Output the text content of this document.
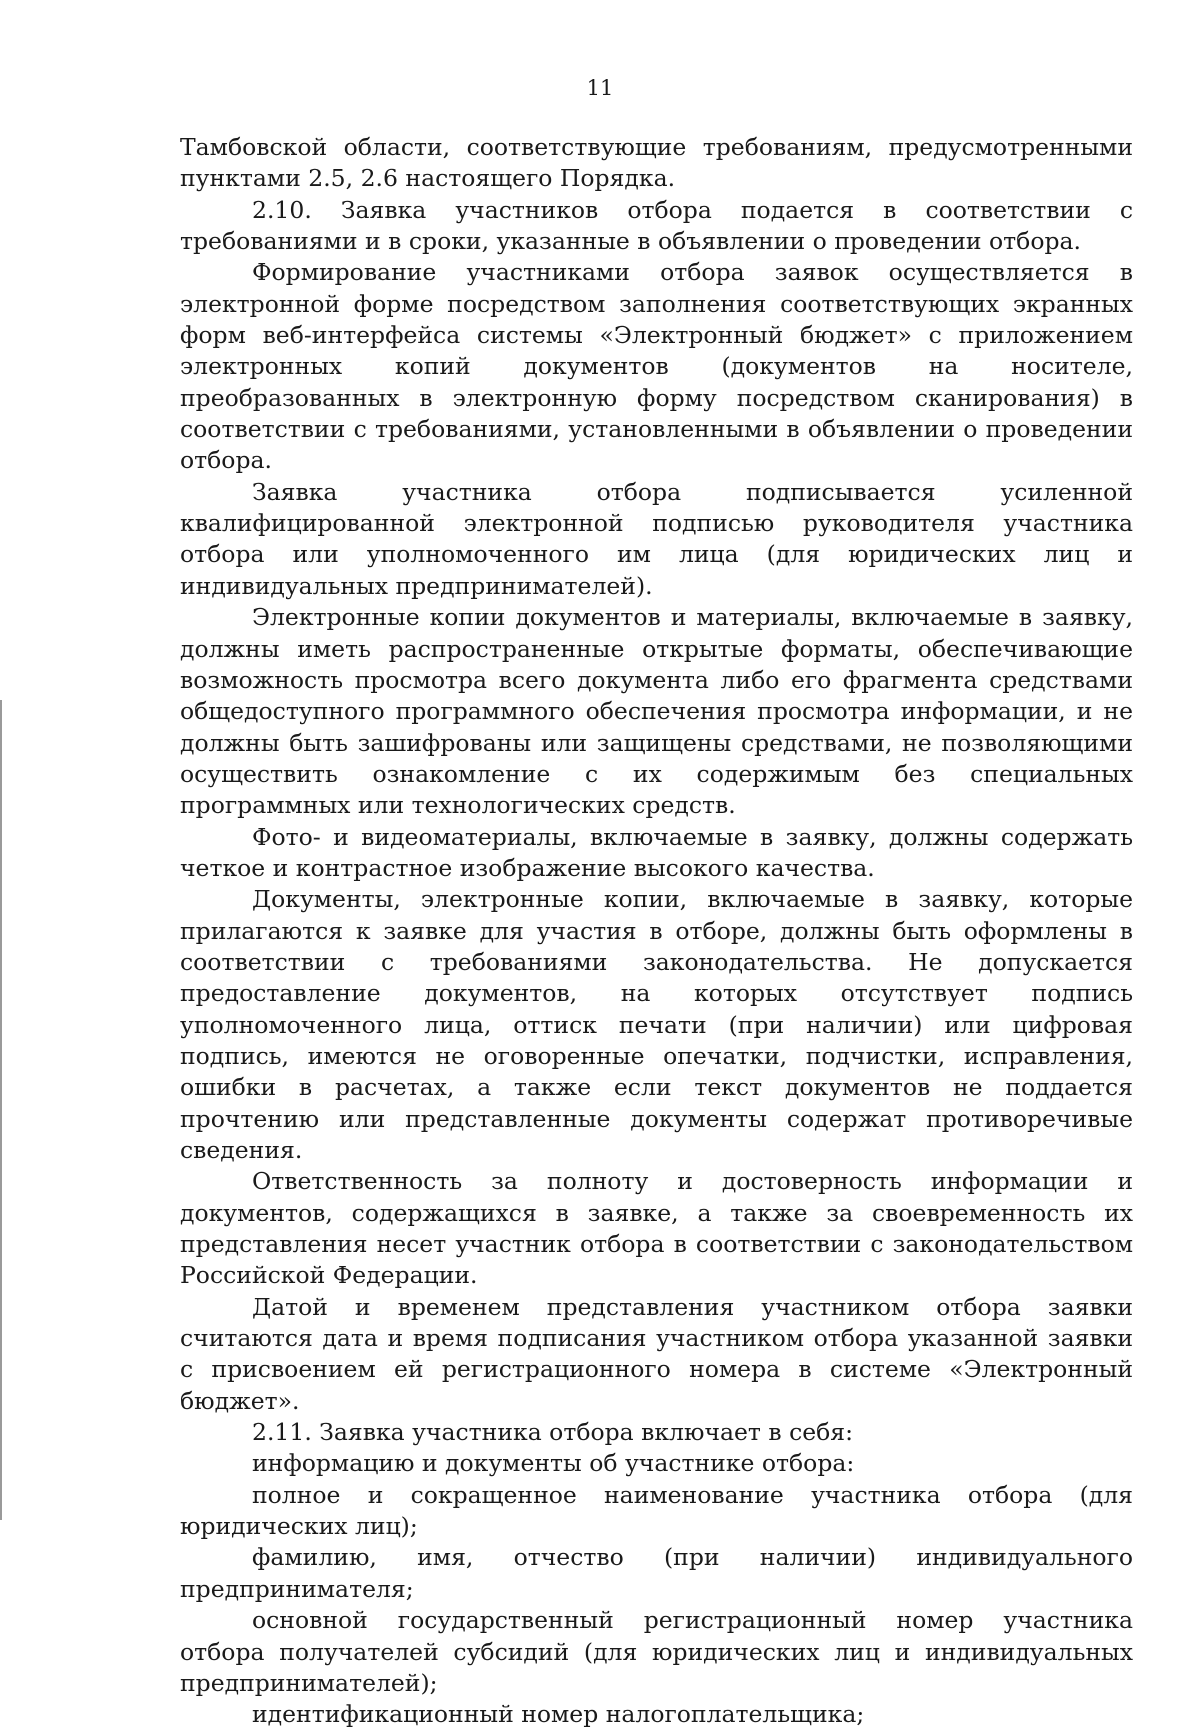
11

Тамбовской области, соответствующие требованиям, предусмотренными пунктами 2.5, 2.6 настоящего Порядка.

2.10. Заявка участников отбора подается в соответствии с требованиями и в сроки, указанные в объявлении о проведении отбора.

Формирование участниками отбора заявок осуществляется в электронной форме посредством заполнения соответствующих экранных форм веб-интерфейса системы «Электронный бюджет» с приложением электронных копий документов (документов на носителе, преобразованных в электронную форму посредством сканирования) в соответствии с требованиями, установленными в объявлении о проведении отбора.

Заявка участника отбора подписывается усиленной квалифицированной электронной подписью руководителя участника отбора или уполномоченного им лица (для юридических лиц и индивидуальных предпринимателей).

Электронные копии документов и материалы, включаемые в заявку, должны иметь распространенные открытые форматы, обеспечивающие возможность просмотра всего документа либо его фрагмента средствами общедоступного программного обеспечения просмотра информации, и не должны быть зашифрованы или защищены средствами, не позволяющими осуществить ознакомление с их содержимым без специальных программных или технологических средств.

Фото- и видеоматериалы, включаемые в заявку, должны содержать четкое и контрастное изображение высокого качества.

Документы, электронные копии, включаемые в заявку, которые прилагаются к заявке для участия в отборе, должны быть оформлены в соответствии с требованиями законодательства. Не допускается предоставление документов, на которых отсутствует подпись уполномоченного лица, оттиск печати (при наличии) или цифровая подпись, имеются не оговоренные опечатки, подчистки, исправления, ошибки в расчетах, а также если текст документов не поддается прочтению или представленные документы содержат противоречивые сведения.

Ответственность за полноту и достоверность информации и документов, содержащихся в заявке, а также за своевременность их представления несет участник отбора в соответствии с законодательством Российской Федерации.

Датой и временем представления участником отбора заявки считаются дата и время подписания участником отбора указанной заявки с присвоением ей регистрационного номера в системе «Электронный бюджет».

2.11. Заявка участника отбора включает в себя:

информацию и документы об участнике отбора:

полное и сокращенное наименование участника отбора (для юридических лиц);

фамилию, имя, отчество (при наличии) индивидуального предпринимателя;

основной государственный регистрационный номер участника отбора получателей субсидий (для юридических лиц и индивидуальных предпринимателей);

идентификационный номер налогоплательщика;
